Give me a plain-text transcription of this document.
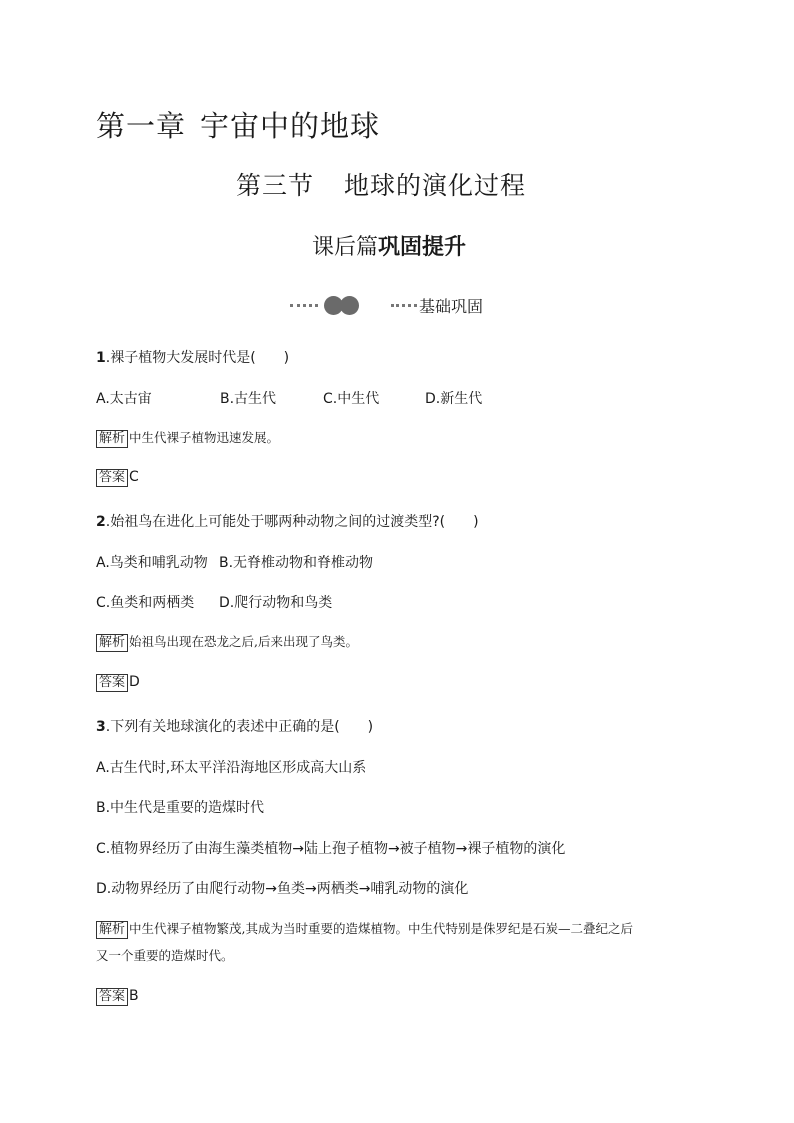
第一章 宇宙中的地球
第三节 地球的演化过程
课后篇巩固提升
基础巩固
1.裸子植物大发展时代是(　　)
A.太古宙	B.古生代	C.中生代	D.新生代
解析 中生代裸子植物迅速发展。
答案 C
2.始祖鸟在进化上可能处于哪两种动物之间的过渡类型?(　　)
A.鸟类和哺乳动物 B.无脊椎动物和脊椎动物
C.鱼类和两栖类 D.爬行动物和鸟类
解析 始祖鸟出现在恐龙之后,后来出现了鸟类。
答案 D
3.下列有关地球演化的表述中正确的是(　　)
A.古生代时,环太平洋沿海地区形成高大山系
B.中生代是重要的造煤时代
C.植物界经历了由海生藻类植物→陆上孢子植物→被子植物→裸子植物的演化
D.动物界经历了由爬行动物→鱼类→两栖类→哺乳动物的演化
解析 中生代裸子植物繁茂,其成为当时重要的造煤植物。中生代特别是侏罗纪是石炭—二叠纪之后
又一个重要的造煤时代。
答案 B
